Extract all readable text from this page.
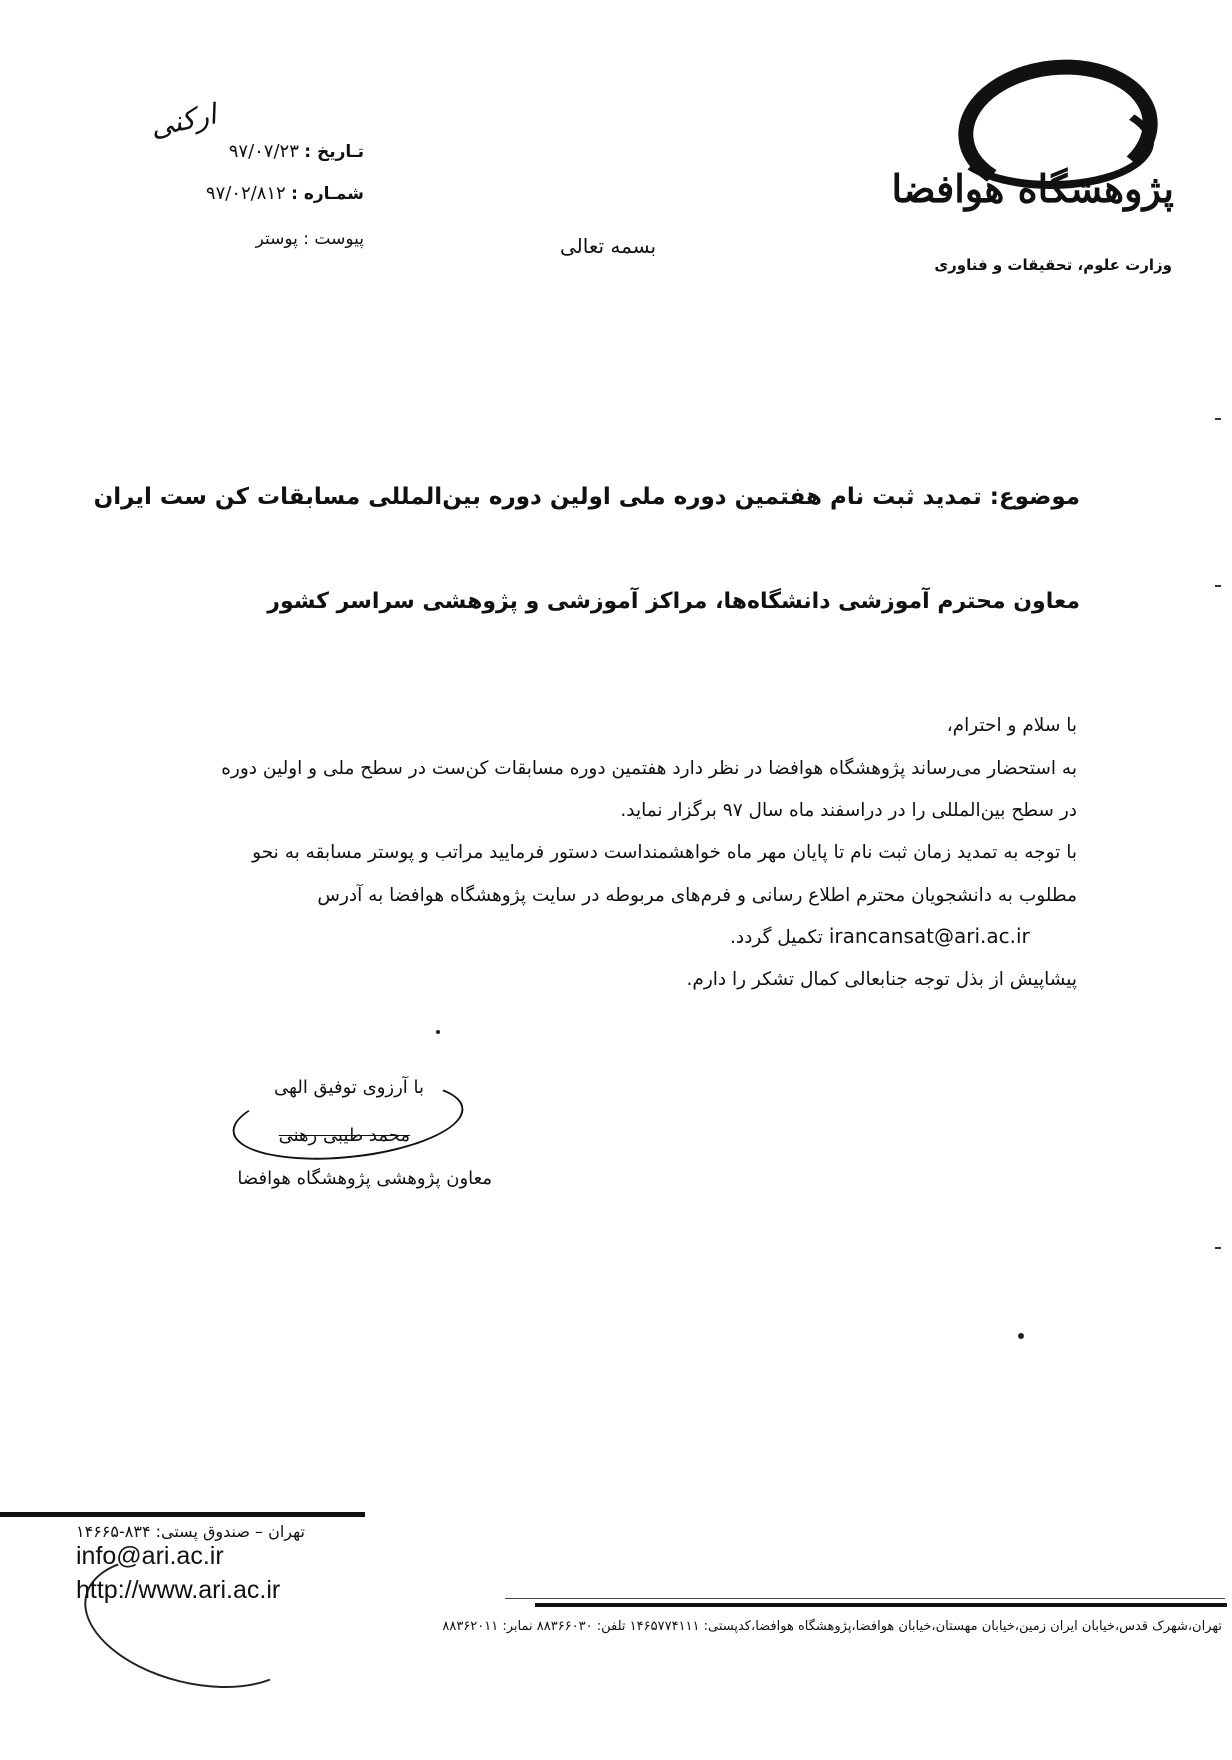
پژوهشگاه هوافضا
وزارت علوم، تحقیقات و فناوری
بسمه تعالی
ارکنی
تـاریخ : ۹۷/۰۷/۲۳
شمـاره : ۹۷/۰۲/۸۱۲
پیوست : پوستر
موضوع: تمدید ثبت نام هفتمین دوره ملی اولین دوره بین‌المللی مسابقات کن ست ایران
معاون محترم آموزشی دانشگاه‌ها، مراکز آموزشی و پژوهشی سراسر کشور
با سلام و احترام،
به استحضار می‌رساند پژوهشگاه هوافضا در نظر دارد هفتمین دوره مسابقات کن‌ست در سطح ملی و اولین دوره
در سطح بین‌المللی را در دراسفند ماه سال ۹۷ برگزار نماید.
با توجه به تمدید زمان ثبت نام تا پایان مهر ماه خواهشمنداست دستور فرمایید مراتب و پوستر مسابقه به نحو
مطلوب به دانشجویان محترم اطلاع رسانی و فرم‌های مربوطه در سایت پژوهشگاه هوافضا به آدرس
تکمیل گردد. irancansat@ari.ac.ir
پیشاپیش از بذل توجه جنابعالی کمال تشکر را دارم.
با آرزوی توفیق الهی
محمد طیبی رهنی
معاون پژوهشی پژوهشگاه هوافضا
تهران – صندوق پستی: ۸۳۴-۱۴۶۶۵
info@ari.ac.ir
http://www.ari.ac.ir
تهران،شهرک قدس،خیابان ایران زمین،خیابان مهستان،خیابان هوافضا،پژوهشگاه هوافضا،کدپستی: ۱۴۶۵۷۷۴۱۱۱ تلفن: ۸۸۳۶۶۰۳۰ نمابر: ۸۸۳۶۲۰۱۱
